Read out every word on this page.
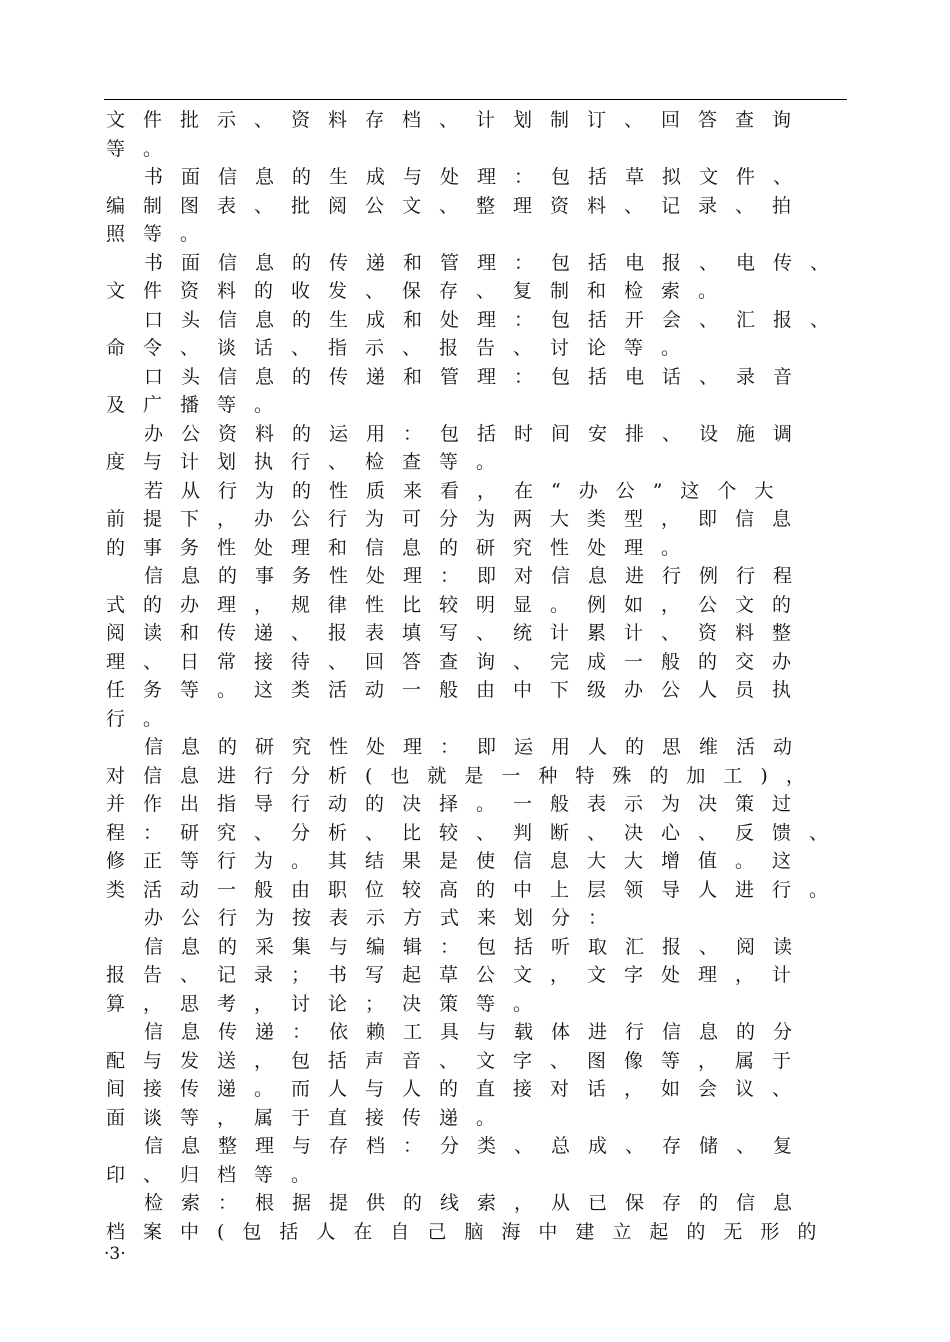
文件批示、资料存档、计划制订、回答查询
等。
书面信息的生成与处理：包括草拟文件、
编制图表、批阅公文、整理资料、记录、拍
照等。
书面信息的传递和管理：包括电报、电传、
文件资料的收发、保存、复制和检索。
口头信息的生成和处理：包括开会、汇报、
命令、谈话、指示、报告、讨论等。
口头信息的传递和管理：包括电话、录音
及广播等。
办公资料的运用：包括时间安排、设施调
度与计划执行、检查等。
若从行为的性质来看，在“办公”这个大
前提下，办公行为可分为两大类型，即信息
的事务性处理和信息的研究性处理。
信息的事务性处理：即对信息进行例行程
式的办理，规律性比较明显。例如，公文的
阅读和传递、报表填写、统计累计、资料整
理、日常接待、回答查询、完成一般的交办
任务等。这类活动一般由中下级办公人员执
行。
信息的研究性处理：即运用人的思维活动
对信息进行分析(也就是一种特殊的加工)，
并作出指导行动的决择。一般表示为决策过
程：研究、分析、比较、判断、决心、反馈、
修正等行为。其结果是使信息大大增值。这
类活动一般由职位较高的中上层领导人进行。
办公行为按表示方式来划分：
信息的采集与编辑：包括听取汇报、阅读
报告、记录；书写起草公文，文字处理，计
算，思考，讨论；决策等。
信息传递：依赖工具与载体进行信息的分
配与发送，包括声音、文字、图像等，属于
间接传递。而人与人的直接对话，如会议、
面谈等，属于直接传递。
信息整理与存档：分类、总成、存储、复
印、归档等。
检索：根据提供的线索，从已保存的信息
档案中(包括人在自己脑海中建立起的无形的
·3·
